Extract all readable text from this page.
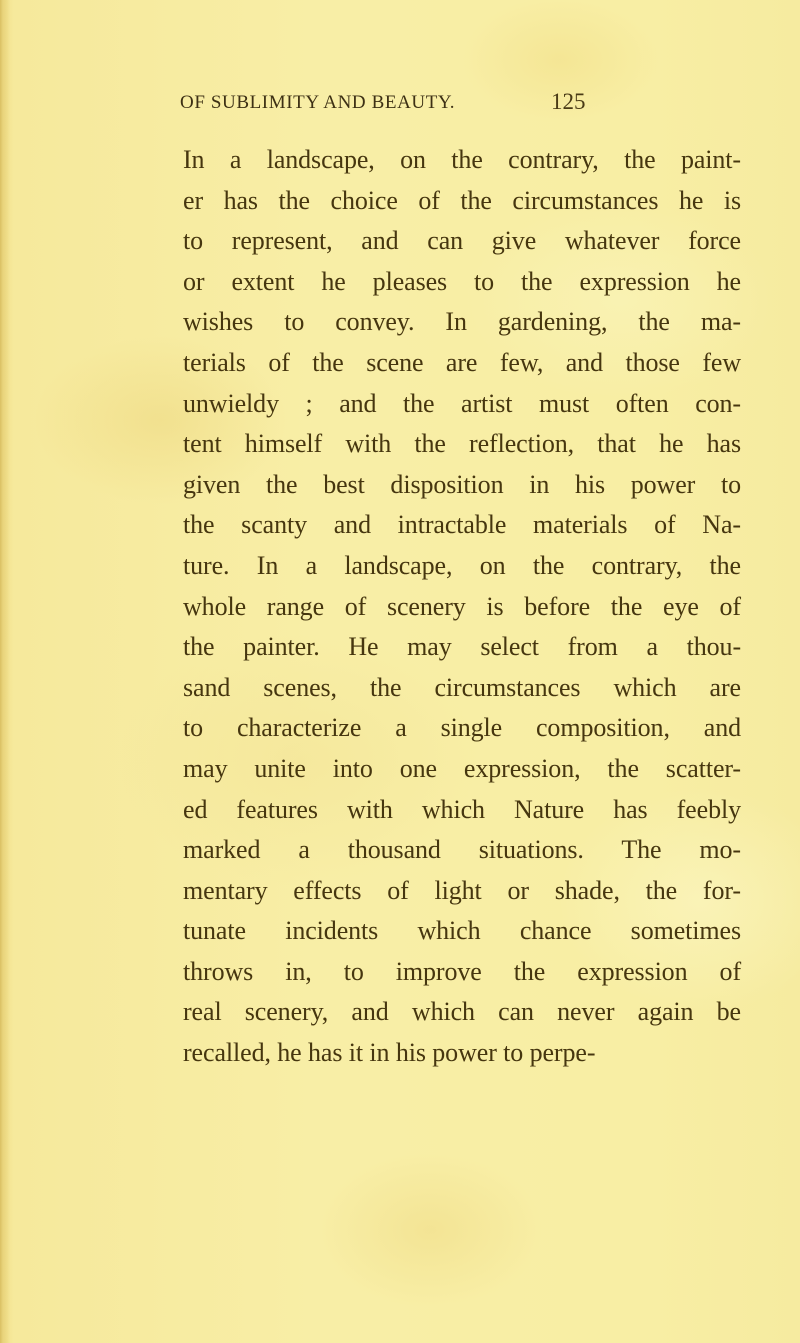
OF SUBLIMITY AND BEAUTY.	125
In a landscape, on the contrary, the paint-
er has the choice of the circumstances he is
to represent, and can give whatever force
or extent he pleases to the expression he
wishes to convey. In gardening, the ma-
terials of the scene are few, and those few
unwieldy ; and the artist must often con-
tent himself with the reflection, that he has
given the best disposition in his power to
the scanty and intractable materials of Na-
ture. In a landscape, on the contrary, the
whole range of scenery is before the eye of
the painter. He may select from a thou-
sand scenes, the circumstances which are
to characterize a single composition, and
may unite into one expression, the scatter-
ed features with which Nature has feebly
marked a thousand situations. The mo-
mentary effects of light or shade, the for-
tunate incidents which chance sometimes
throws in, to improve the expression of
real scenery, and which can never again be
recalled, he has it in his power to perpe-
